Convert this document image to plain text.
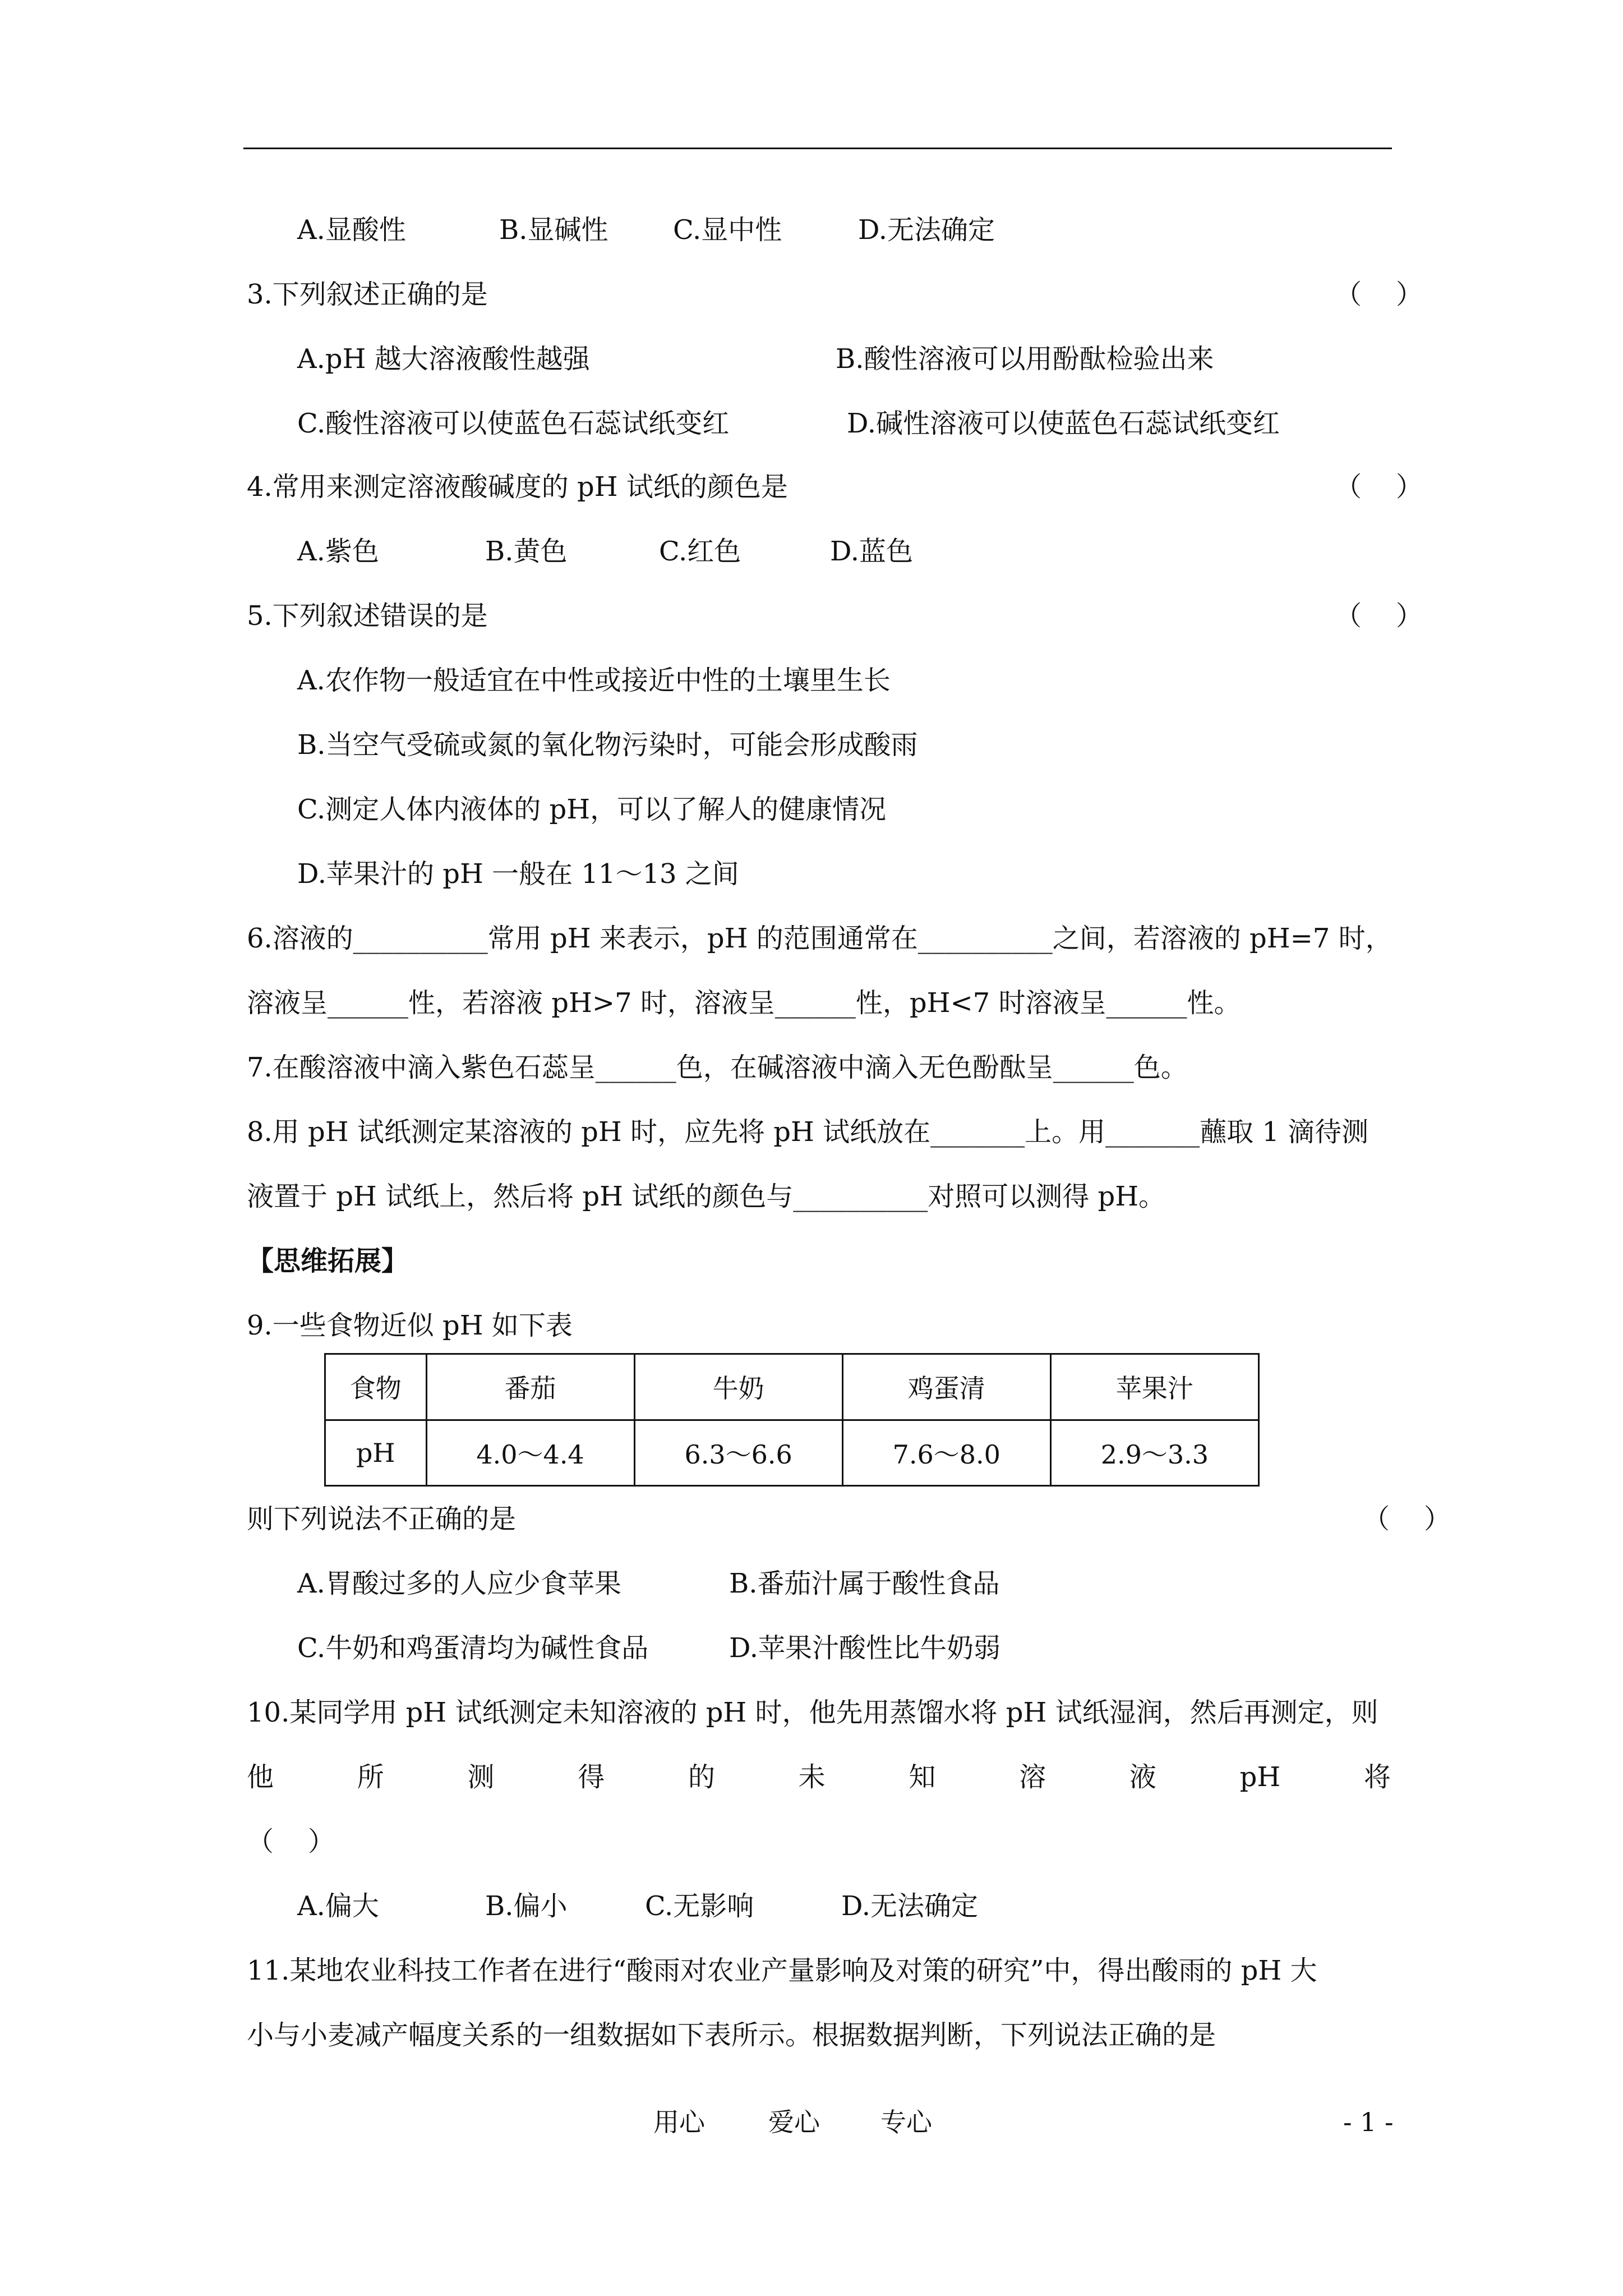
A.显酸性	B.显碱性 C.显中性	D.无法确定
3.下列叙述正确的是	（    ）
A.pH 越大溶液酸性越强	B.酸性溶液可以用酚酞检验出来
C.酸性溶液可以使蓝色石蕊试纸变红	D.碱性溶液可以使蓝色石蕊试纸变红
4.常用来测定溶液酸碱度的 pH 试纸的颜色是	（    ）
A.紫色	B.黄色	C.红色	D.蓝色
5.下列叙述错误的是	（    ）
A.农作物一般适宜在中性或接近中性的土壤里生长
B.当空气受硫或氮的氧化物污染时，可能会形成酸雨
C.测定人体内液体的 pH，可以了解人的健康情况
D.苹果汁的 pH 一般在 11～13 之间
6.溶液的__________常用 pH 来表示，pH 的范围通常在__________之间，若溶液的 pH=7 时，
溶液呈______性，若溶液 pH>7 时，溶液呈______性，pH<7 时溶液呈______性。
7.在酸溶液中滴入紫色石蕊呈______色，在碱溶液中滴入无色酚酞呈______色。
8.用 pH 试纸测定某溶液的 pH 时，应先将 pH 试纸放在_______上。用_______蘸取 1 滴待测
液置于 pH 试纸上，然后将 pH 试纸的颜色与__________对照可以测得 pH。
【思维拓展】
9.一些食物近似 pH 如下表
食物	番茄	牛奶	鸡蛋清	苹果汁
pH	4.0～4.4	6.3～6.6	7.6～8.0	2.9～3.3
则下列说法不正确的是	（    ）
A.胃酸过多的人应少食苹果	B.番茄汁属于酸性食品
C.牛奶和鸡蛋清均为碱性食品	D.苹果汁酸性比牛奶弱
10.某同学用 pH 试纸测定未知溶液的 pH 时，他先用蒸馏水将 pH 试纸湿润，然后再测定，则
他	所	测	得	的	未	知	溶	液	pH	将
（    ）
A.偏大	B.偏小	C.无影响	D.无法确定
11.某地农业科技工作者在进行“酸雨对农业产量影响及对策的研究”中，得出酸雨的 pH 大
小与小麦减产幅度关系的一组数据如下表所示。根据数据判断，下列说法正确的是
用心 爱心 专心	- 1 -
